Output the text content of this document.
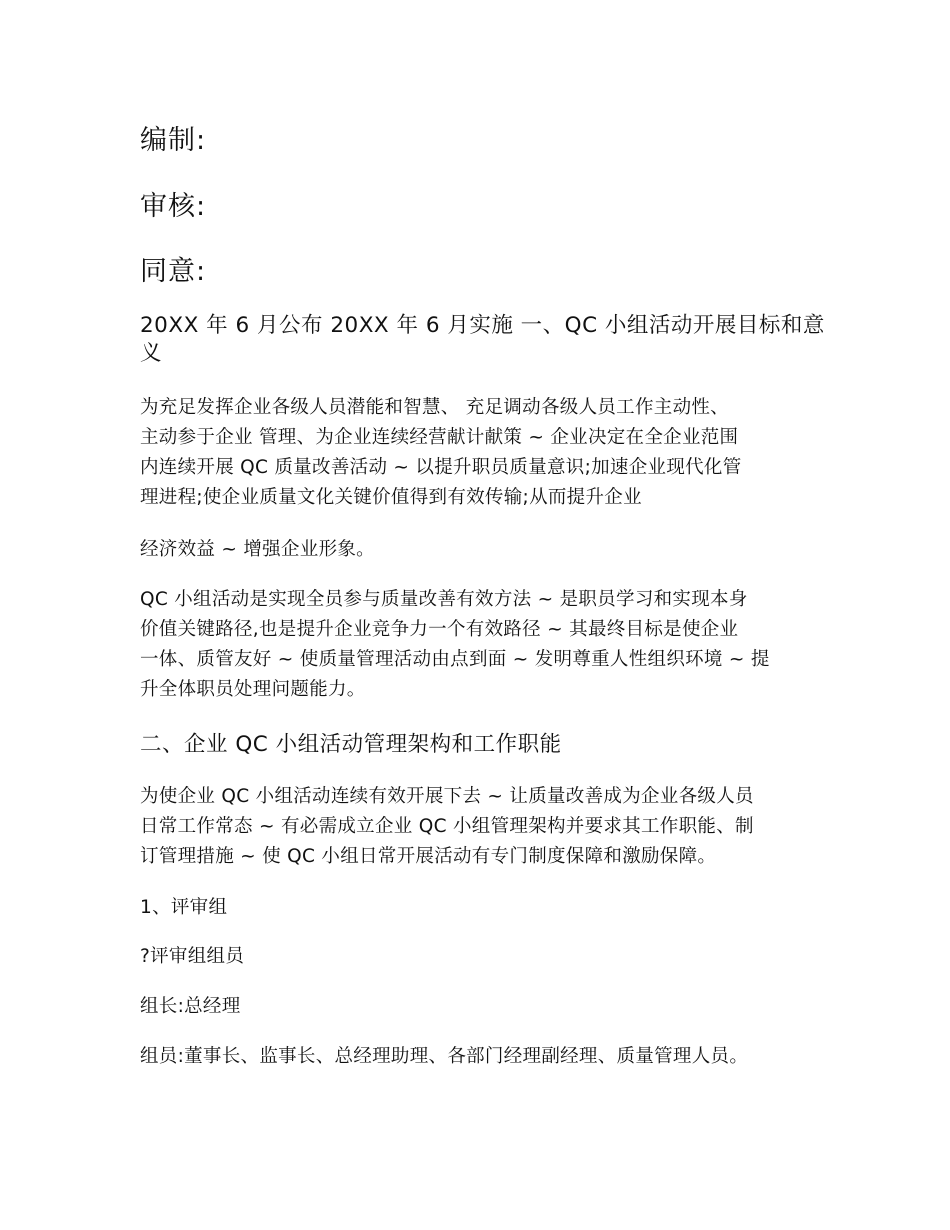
编制:
审核:
同意:
20XX 年 6 月公布 20XX 年 6 月实施 一、QC 小组活动开展目标和意
义
为充足发挥企业各级人员潜能和智慧、 充足调动各级人员工作主动性、
主动参于企业 管理、为企业连续经营献计献策 ~ 企业决定在全企业范围
内连续开展 QC 质量改善活动 ~ 以提升职员质量意识;加速企业现代化管
理进程;使企业质量文化关键价值得到有效传输;从而提升企业
经济效益 ~ 增强企业形象。
QC 小组活动是实现全员参与质量改善有效方法 ~ 是职员学习和实现本身
价值关键路径,也是提升企业竞争力一个有效路径 ~ 其最终目标是使企业
一体、质管友好 ~ 使质量管理活动由点到面 ~ 发明尊重人性组织环境 ~ 提
升全体职员处理问题能力。
二、企业 QC 小组活动管理架构和工作职能
为使企业 QC 小组活动连续有效开展下去 ~ 让质量改善成为企业各级人员
日常工作常态 ~ 有必需成立企业 QC 小组管理架构并要求其工作职能、制
订管理措施 ~ 使 QC 小组日常开展活动有专门制度保障和激励保障。
1、评审组
?评审组组员
组长:总经理
组员:董事长、监事长、总经理助理、各部门经理副经理、质量管理人员。
